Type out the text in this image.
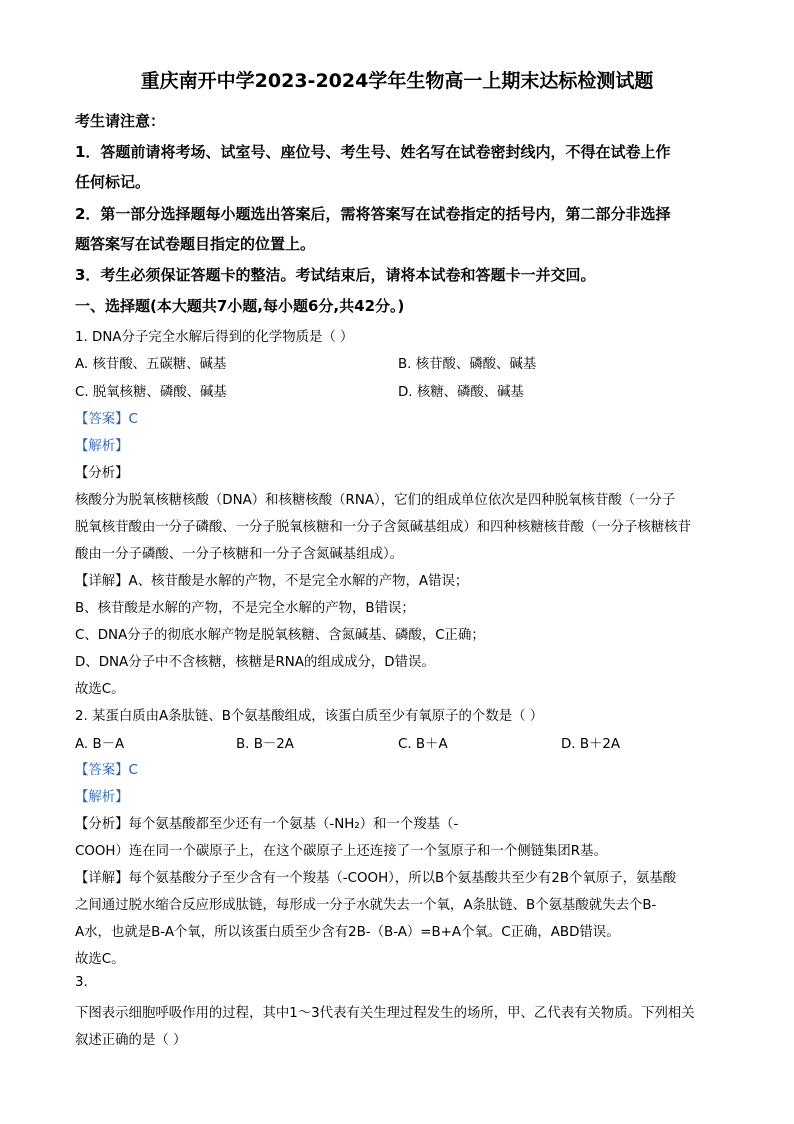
重庆南开中学2023-2024学年生物高一上期末达标检测试题
考生请注意：
1．答题前请将考场、试室号、座位号、考生号、姓名写在试卷密封线内，不得在试卷上作
任何标记。
2．第一部分选择题每小题选出答案后，需将答案写在试卷指定的括号内，第二部分非选择
题答案写在试卷题目指定的位置上。
3．考生必须保证答题卡的整洁。考试结束后，请将本试卷和答题卡一并交回。
一、选择题(本大题共7小题,每小题6分,共42分。)
1. DNA分子完全水解后得到的化学物质是（ ）
A. 核苷酸、五碳糖、碱基	B. 核苷酸、磷酸、碱基
C. 脱氧核糖、磷酸、碱基	D. 核糖、磷酸、碱基
【答案】C
【解析】
【分析】
核酸分为脱氧核糖核酸（DNA）和核糖核酸（RNA），它们的组成单位依次是四种脱氧核苷酸（一分子
脱氧核苷酸由一分子磷酸、一分子脱氧核糖和一分子含氮碱基组成）和四种核糖核苷酸（一分子核糖核苷
酸由一分子磷酸、一分子核糖和一分子含氮碱基组成）。
【详解】A、核苷酸是水解的产物，不是完全水解的产物，A错误；
B、核苷酸是水解的产物，不是完全水解的产物，B错误；
C、DNA分子的彻底水解产物是脱氧核糖、含氮碱基、磷酸，C正确；
D、DNA分子中不含核糖，核糖是RNA的组成成分，D错误。
故选C。
2. 某蛋白质由A条肽链、B个氨基酸组成，该蛋白质至少有氧原子的个数是（ ）
A. B－A	B. B－2A	C. B＋A	D. B＋2A
【答案】C
【解析】
【分析】每个氨基酸都至少还有一个氨基（-NH₂）和一个羧基（-
COOH）连在同一个碳原子上，在这个碳原子上还连接了一个氢原子和一个侧链集团R基。
【详解】每个氨基酸分子至少含有一个羧基（-COOH），所以B个氨基酸共至少有2B个氧原子，氨基酸
之间通过脱水缩合反应形成肽链，每形成一分子水就失去一个氧，A条肽链、B个氨基酸就失去个B-
A水，也就是B-A个氧，所以该蛋白质至少含有2B-（B-A）=B+A个氧。C正确，ABD错误。
故选C。
3.
下图表示细胞呼吸作用的过程，其中1～3代表有关生理过程发生的场所，甲、乙代表有关物质。下列相关
叙述正确的是（ ）
